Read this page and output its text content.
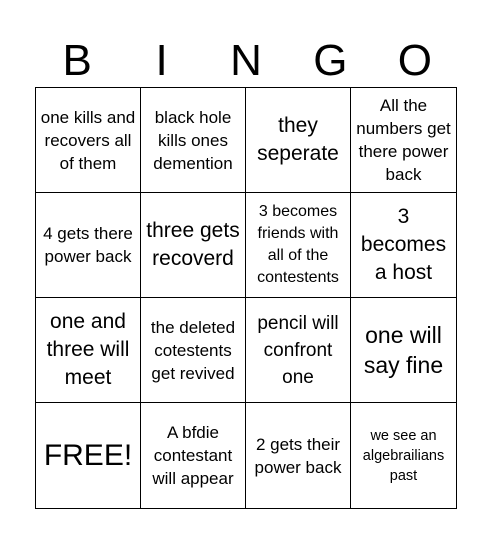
B	I	N	G	O
one kills and recovers all of them
black hole kills ones demention
they seperate
All the numbers get there power back
4 gets there power back
three gets recoverd
3 becomes friends with all of the contestents
3 becomes a host
one and three will meet
the deleted cotestents get revived
pencil will confront one
one will say fine
FREE!
A bfdie contestant will appear
2 gets their power back
we see an algebrailians past
